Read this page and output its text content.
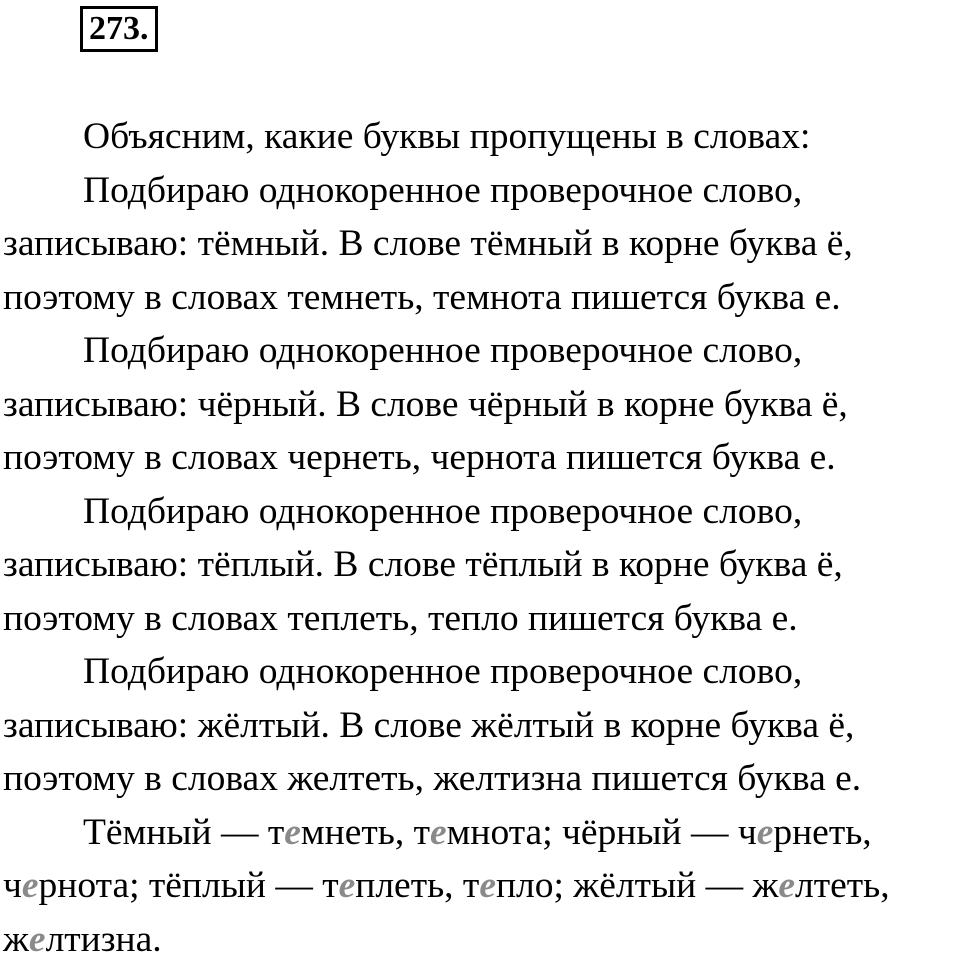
273.
Объясним, какие буквы пропущены в словах:
Подбираю однокоренное проверочное слово,
записываю: тёмный. В слове тёмный в корне буква ё,
поэтому в словах темнеть, темнота пишется буква е.
Подбираю однокоренное проверочное слово,
записываю: чёрный. В слове чёрный в корне буква ё,
поэтому в словах чернеть, чернота пишется буква е.
Подбираю однокоренное проверочное слово,
записываю: тёплый. В слове тёплый в корне буква ё,
поэтому в словах теплеть, тепло пишется буква е.
Подбираю однокоренное проверочное слово,
записываю: жёлтый. В слове жёлтый в корне буква ё,
поэтому в словах желтеть, желтизна пишется буква е.
Тёмный — темнеть, темнота; чёрный — чернеть,
чернота; тёплый — теплеть, тепло; жёлтый — желтеть,
желтизна.
